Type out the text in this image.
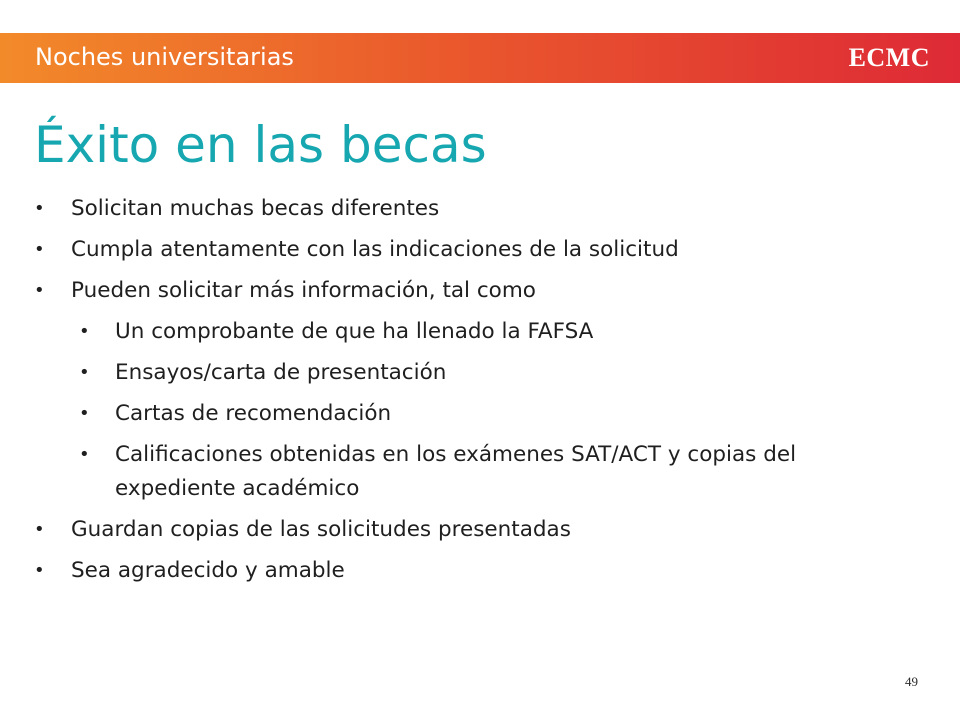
Noches universitarias	ECMC
Éxito en las becas
• Solicitan muchas becas diferentes
• Cumpla atentamente con las indicaciones de la solicitud
• Pueden solicitar más información, tal como
• Un comprobante de que ha llenado la FAFSA
• Ensayos/carta de presentación
• Cartas de recomendación
• Calificaciones obtenidas en los exámenes SAT/ACT y copias del expediente académico
• Guardan copias de las solicitudes presentadas
• Sea agradecido y amable
49
